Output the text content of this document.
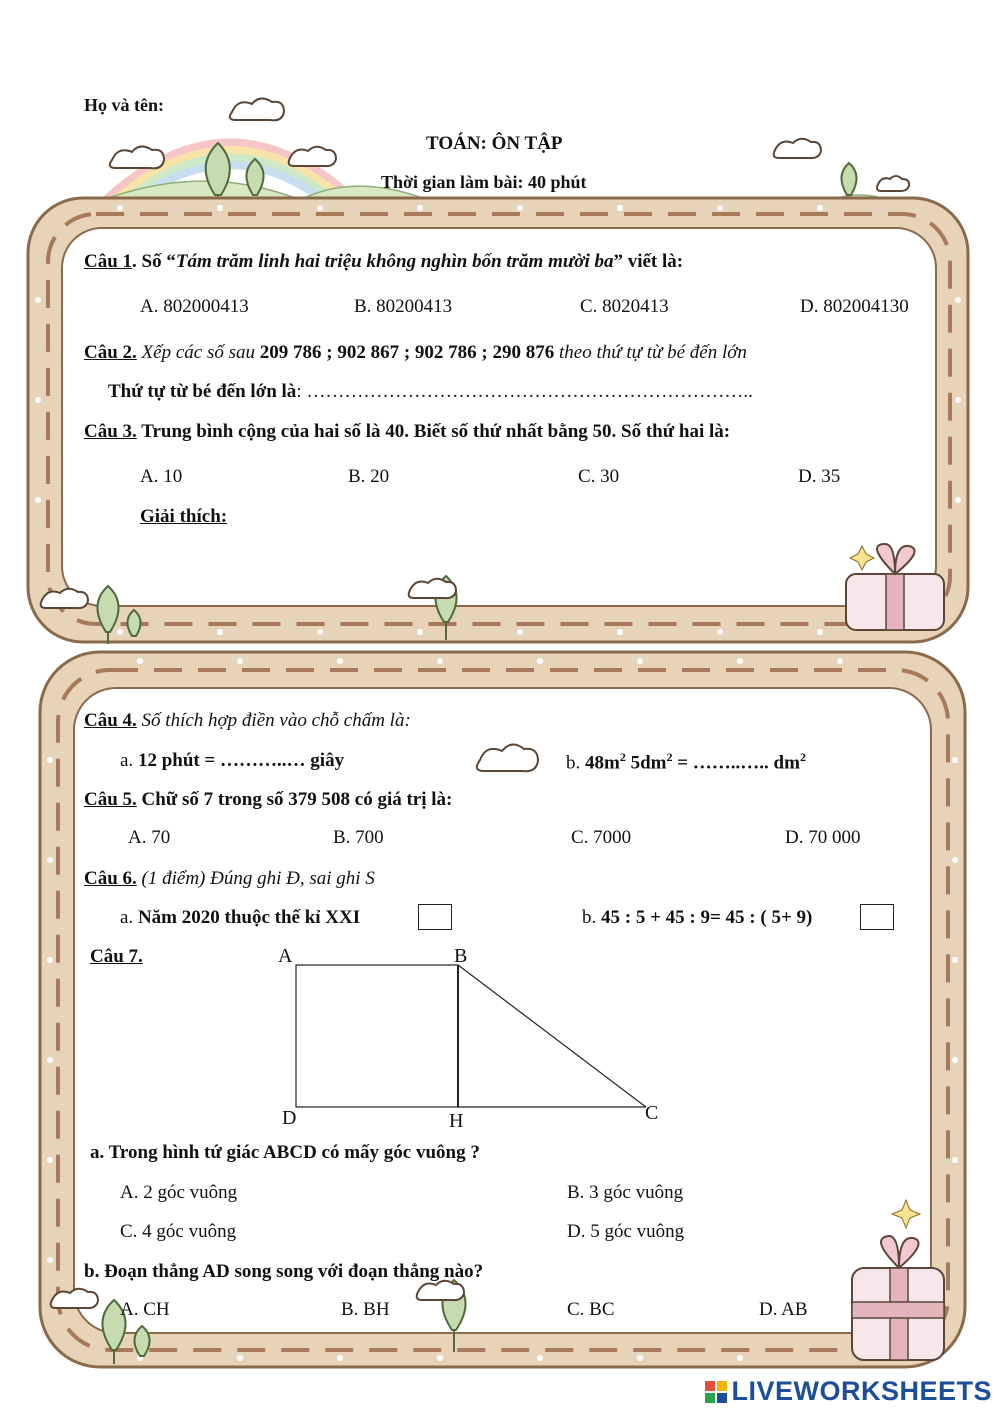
Họ và tên:
TOÁN: ÔN TẬP
Thời gian làm bài: 40 phút
Câu 1. Số “Tám trăm linh hai triệu không nghìn bốn trăm mười ba” viết là:
A. 802000413	B. 80200413	C. 8020413	D. 802004130
Câu 2. Xếp các số sau 209 786 ; 902 867 ; 902 786 ; 290 876 theo thứ tự từ bé đến lớn
Thứ tự từ bé đến lớn là: ……………………………………………………………..
Câu 3. Trung bình cộng của hai số là 40. Biết số thứ nhất bằng 50. Số thứ hai là:
A. 10	B. 20	C. 30	D. 35
Giải thích:
Câu 4. Số thích hợp điền vào chỗ chấm là:
a. 12 phút = ………..… giây	b. $48m^2$ $5dm^2$ = ……..….. $dm^2$
Câu 5. Chữ số 7 trong số 379 508 có giá trị là:
A. 70	B. 700	C. 7000	D. 70 000
Câu 6. (1 điểm) Đúng ghi Đ, sai ghi S
a. Năm 2020 thuộc thế kỉ XXI	b. 45 : 5 + 45 : 9= 45 : ( 5+ 9)
Câu 7.	A	B
C
D	H
a. Trong hình tứ giác ABCD có mấy góc vuông ?
A. 2 góc vuông	B. 3 góc vuông
C. 4 góc vuông	D. 5 góc vuông
b. Đoạn thẳng AD song song với đoạn thẳng nào?
A. CH	B. BH	C. BC	D. AB
LIVEWORKSHEETS
